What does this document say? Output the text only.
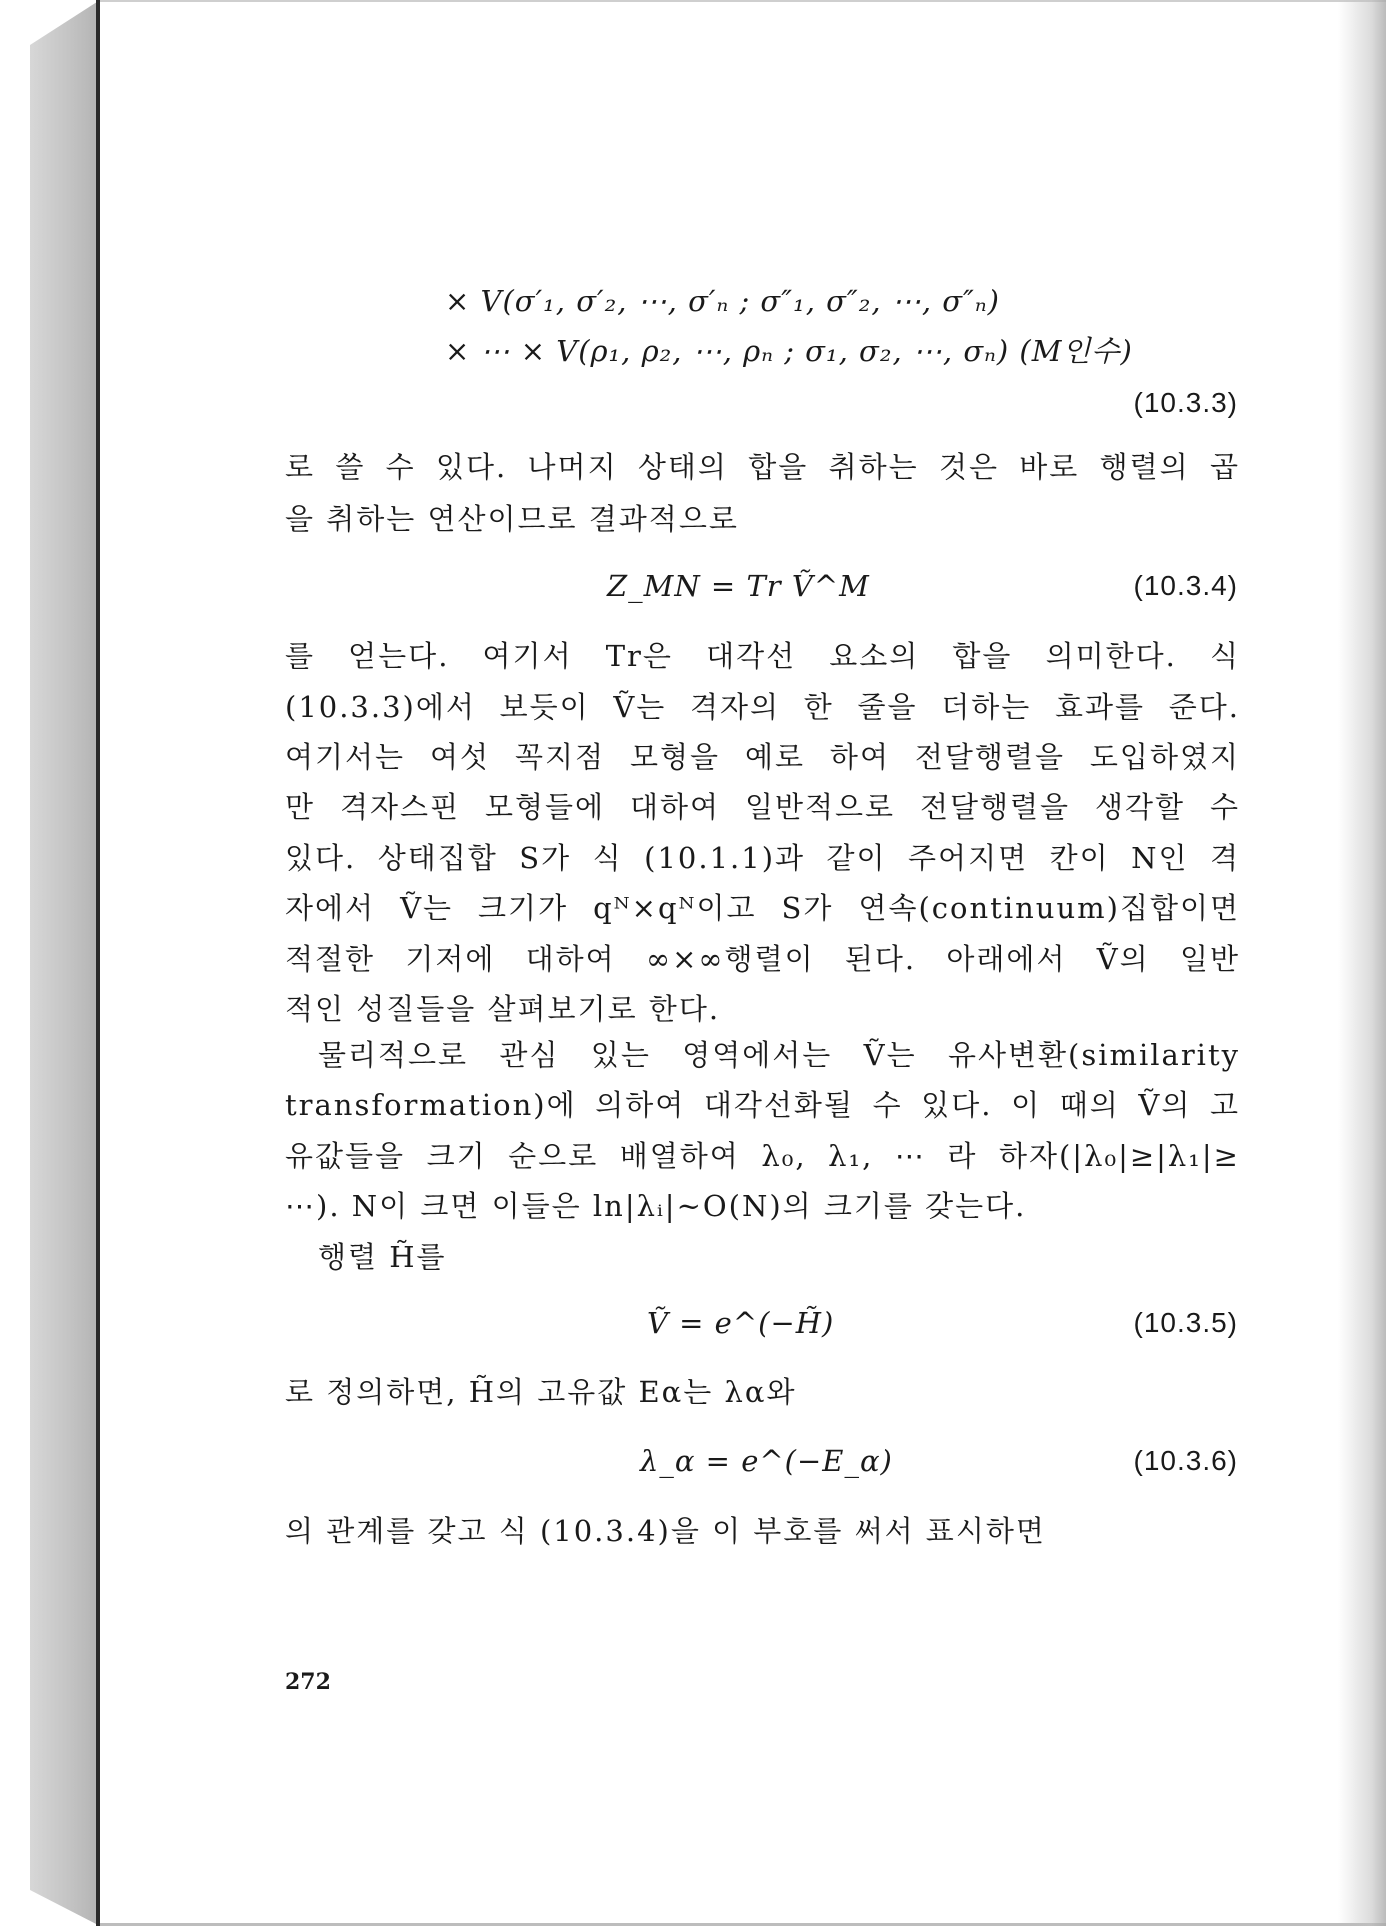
× V(σ′₁, σ′₂, ⋯, σ′ₙ ; σ″₁, σ″₂, ⋯, σ″ₙ)
× ⋯ × V(ρ₁, ρ₂, ⋯, ρₙ ; σ₁, σ₂, ⋯, σₙ) (M인수)
(10.3.3)
로 쓸 수 있다. 나머지 상태의 합을 취하는 것은 바로 행렬의 곱
을 취하는 연산이므로 결과적으로
Z_MN = Tr Ṽ^M	(10.3.4)
를 얻는다. 여기서 Tr은 대각선 요소의 합을 의미한다. 식
(10.3.3)에서 보듯이 Ṽ는 격자의 한 줄을 더하는 효과를 준다.
여기서는 여섯 꼭지점 모형을 예로 하여 전달행렬을 도입하였지
만 격자스핀 모형들에 대하여 일반적으로 전달행렬을 생각할 수
있다. 상태집합 S가 식 (10.1.1)과 같이 주어지면 칸이 N인 격
자에서 Ṽ는 크기가 qᴺ×qᴺ이고 S가 연속(continuum)집합이면
적절한 기저에 대하여 ∞×∞행렬이 된다. 아래에서 Ṽ의 일반
적인 성질들을 살펴보기로 한다.
물리적으로 관심 있는 영역에서는 Ṽ는 유사변환(similarity
transformation)에 의하여 대각선화될 수 있다. 이 때의 Ṽ의 고
유값들을 크기 순으로 배열하여 λ₀, λ₁, ⋯ 라 하자(|λ₀|≥|λ₁|≥
⋯). N이 크면 이들은 ln|λᵢ|~O(N)의 크기를 갖는다.
행렬 H̃를
Ṽ = e^(−H̃)	(10.3.5)
로 정의하면, H̃의 고유값 Eα는 λα와
λ_α = e^(−E_α)	(10.3.6)
의 관계를 갖고 식 (10.3.4)을 이 부호를 써서 표시하면
272
